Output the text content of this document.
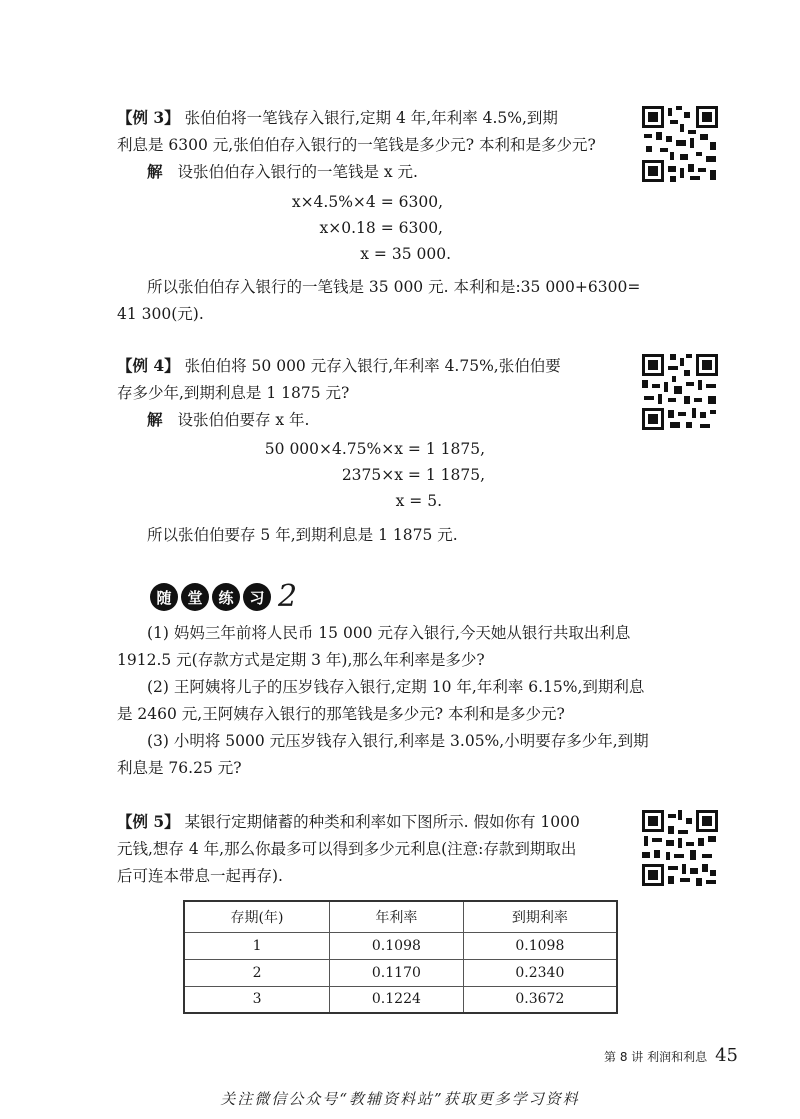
【例 3】 张伯伯将一笔钱存入银行,定期 4 年,年利率 4.5%,到期
利息是 6300 元,张伯伯存入银行的一笔钱是多少元? 本利和是多少元?
解 设张伯伯存入银行的一笔钱是 x 元.
x×4.5%×4 = 6300,
x×0.18 = 6300,
x = 35 000.
所以张伯伯存入银行的一笔钱是 35 000 元. 本利和是:35 000+6300=
41 300(元).
【例 4】 张伯伯将 50 000 元存入银行,年利率 4.75%,张伯伯要
存多少年,到期利息是 1 1875 元?
解 设张伯伯要存 x 年.
50 000×4.75%×x = 1 1875,
2375×x = 1 1875,
x = 5.
所以张伯伯要存 5 年,到期利息是 1 1875 元.
随	堂	练	习 2
(1) 妈妈三年前将人民币 15 000 元存入银行,今天她从银行共取出利息
1912.5 元(存款方式是定期 3 年),那么年利率是多少?
(2) 王阿姨将儿子的压岁钱存入银行,定期 10 年,年利率 6.15%,到期利息
是 2460 元,王阿姨存入银行的那笔钱是多少元? 本利和是多少元?
(3) 小明将 5000 元压岁钱存入银行,利率是 3.05%,小明要存多少年,到期
利息是 76.25 元?
【例 5】 某银行定期储蓄的种类和利率如下图所示. 假如你有 1000
元钱,想存 4 年,那么你最多可以得到多少元利息(注意:存款到期取出
后可连本带息一起再存).
存期(年)	年利率	到期利率
1	0.1098	0.1098
2	0.1170	0.2340
3	0.1224	0.3672
第 8 讲 利润和利息 45
关注微信公众号“教辅资料站”获取更多学习资料
